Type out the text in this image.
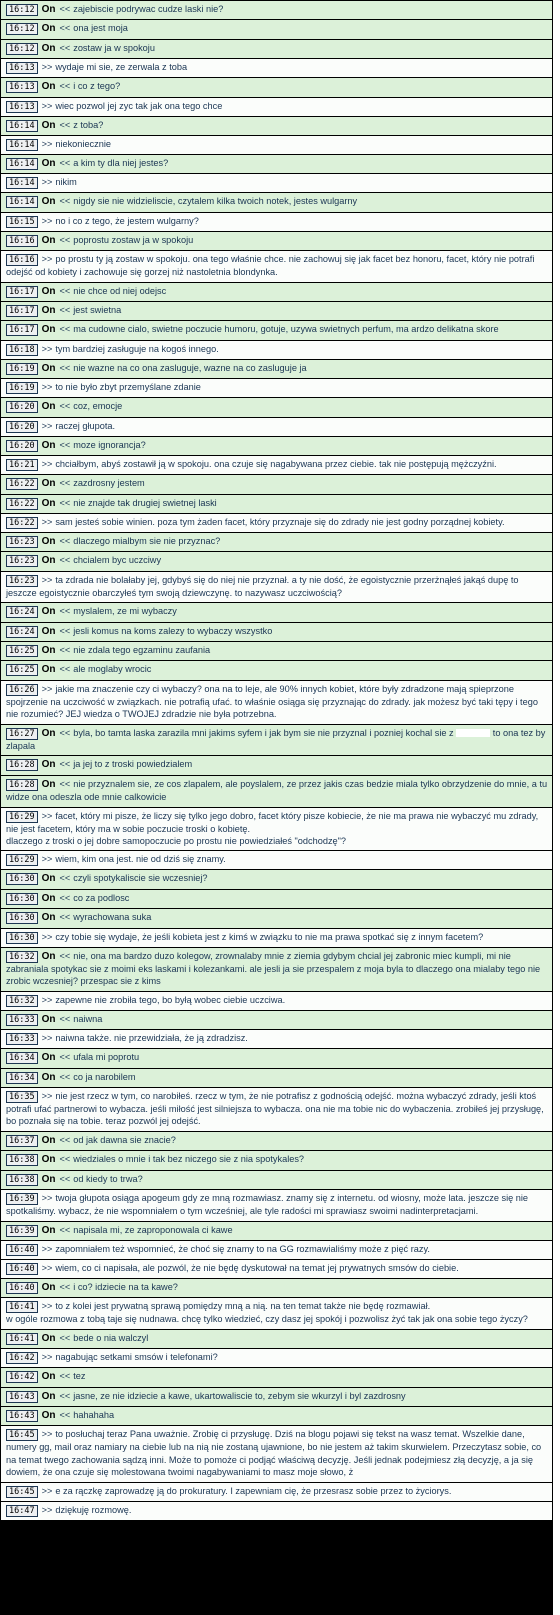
16:12 On << zajebiscie podrywac cudze laski nie?
16:12 On << ona jest moja
16:12 On << zostaw ja w spokoju
16:13 >> wydaje mi sie, ze zerwala z toba
16:13 On << i co z tego?
16:13 >> wiec pozwol jej zyc tak jak ona tego chce
16:14 On << z toba?
16:14 >> niekoniecznie
16:14 On << a kim ty dla niej jestes?
16:14 >> nikim
16:14 On << nigdy sie nie widzieliscie, czytalem kilka twoich notek, jestes wulgarny
16:15 >> no i co z tego, że jestem wulgarny?
16:16 On << poprostu zostaw ja w spokoju
16:16 >> po prostu ty ją zostaw w spokoju. ona tego właśnie chce. nie zachowuj się jak facet bez honoru, facet, który nie potrafi odejść od kobiety i zachowuje się gorzej niż nastoletnia blondynka.
16:17 On << nie chce od niej odejsc
16:17 On << jest swietna
16:17 On << ma cudowne cialo, swietne poczucie humoru, gotuje, uzywa swietnych perfum, ma ardzo delikatna skore
16:18 >> tym bardziej zasługuje na kogoś innego.
16:19 On << nie wazne na co ona zasluguje, wazne na co zasluguje ja
16:19 >> to nie było zbyt przemyślane zdanie
16:20 On << coz, emocje
16:20 >> raczej głupota.
16:20 On << moze ignorancja?
16:21 >> chciałbym, abyś zostawił ją w spokoju. ona czuje się nagabywana przez ciebie. tak nie postępują mężczyźni.
16:22 On << zazdrosny jestem
16:22 On << nie znajde tak drugiej swietnej laski
16:22 >> sam jesteś sobie winien. poza tym żaden facet, który przyznaje się do zdrady nie jest godny porządnej kobiety.
16:23 On << dlaczego mialbym sie nie przyznac?
16:23 On << chcialem byc uczciwy
16:23 >> ta zdrada nie bolałaby jej, gdybyś się do niej nie przyznał. a ty nie dość, że egoistycznie przerżnąłeś jakąś dupę to jeszcze egoistycznie obarczyłeś tym swoją dziewczynę. to nazywasz uczciwością?
16:24 On << myslalem, ze mi wybaczy
16:24 On << jesli komus na koms zalezy to wybaczy wszystko
16:25 On << nie zdala tego egzaminu zaufania
16:25 On << ale moglaby wrocic
16:26 >> jakie ma znaczenie czy ci wybaczy? ona na to leje, ale 90% innych kobiet, które były zdradzone mają spieprzone spojrzenie na uczciwość w związkach. nie potrafią ufać. to właśnie osiąga się przyznając do zdrady. jak możesz być taki tępy i tego nie rozumieć? JEJ wiedza o TWOJEJ zdradzie nie była potrzebna.
16:27 On << byla, bo tamta laska zarazila mni jakims syfem i jak bym sie nie przyznal i pozniej kochal sie z	to ona tez by zlapala
16:28 On << ja jej to z troski powiedzialem
16:28 On << nie przyznalem sie, ze cos zlapalem, ale poyslalem, ze przez jakis czas bedzie miala tylko obrzydzenie do mnie, a tu widze ona odeszla ode mnie calkowicie
16:29 >> facet, który mi pisze, że liczy się tylko jego dobro, facet który pisze kobiecie, że nie ma prawa nie wybaczyć mu zdrady, nie jest facetem, który ma w sobie poczucie troski o kobietę.
dlaczego z troski o jej dobre samopoczucie po prostu nie powiedziałeś "odchodzę"?
16:29 >> wiem, kim ona jest. nie od dziś się znamy.
16:30 On << czyli spotykaliscie sie wczesniej?
16:30 On << co za podlosc
16:30 On << wyrachowana suka
16:30 >> czy tobie się wydaje, że jeśli kobieta jest z kimś w związku to nie ma prawa spotkać się z innym facetem?
16:32 On << nie, ona ma bardzo duzo kolegow, zrownalaby mnie z ziemia gdybym chcial jej zabronic miec kumpli, mi nie zabraniala spotykac sie z moimi eks laskami i kolezankami. ale jesli ja sie przespalem z moja byla to dlaczego ona mialaby tego nie zrobic wczesniej? przespac sie z kims
16:32 >> zapewne nie zrobiła tego, bo byłą wobec ciebie uczciwa.
16:33 On << naiwna
16:33 >> naiwna także. nie przewidziała, że ją zdradzisz.
16:34 On << ufala mi poprotu
16:34 On << co ja narobilem
16:35 >> nie jest rzecz w tym, co narobiłeś. rzecz w tym, że nie potrafisz z godnością odejść. można wybaczyć zdrady, jeśli ktoś potrafi ufać partnerowi to wybacza. jeśli miłość jest silniejsza to wybacza. ona nie ma tobie nic do wybaczenia. zrobiłeś jej przysługę, bo poznała się na tobie. teraz pozwól jej odejść.
16:37 On << od jak dawna sie znacie?
16:38 On << wiedziales o mnie i tak bez niczego sie z nia spotykales?
16:38 On << od kiedy to trwa?
16:39 >> twoja głupota osiąga apogeum gdy ze mną rozmawiasz. znamy się z internetu. od wiosny, może lata. jeszcze się nie spotkaliśmy. wybacz, że nie wspomniałem o tym wcześniej, ale tyle radości mi sprawiasz swoimi nadinterpretacjami.
16:39 On << napisala mi, ze zaproponowala ci kawe
16:40 >> zapomniałem też wspomnieć, że choć się znamy to na GG rozmawialiśmy może z pięć razy.
16:40 >> wiem, co ci napisała, ale pozwól, że nie będę dyskutował na temat jej prywatnych smsów do ciebie.
16:40 On << i co? idziecie na ta kawe?
16:41 >> to z kolei jest prywatną sprawą pomiędzy mną a nią. na ten temat także nie będę rozmawiał.
w ogóle rozmowa z tobą taje się nudnawa. chcę tylko wiedzieć, czy dasz jej spokój i pozwolisz żyć tak jak ona sobie tego życzy?
16:41 On << bede o nia walczyl
16:42 >> nagabując setkami smsów i telefonami?
16:42 On << tez
16:43 On << jasne, ze nie idziecie a kawe, ukartowaliscie to, zebym sie wkurzyl i byl zazdrosny
16:43 On << hahahaha
16:45 >> to posłuchaj teraz Pana uważnie. Zrobię ci przysługę. Dziś na blogu pojawi się tekst na wasz temat. Wszelkie dane, numery gg, mail oraz namiary na ciebie lub na nią nie zostaną ujawnione, bo nie jestem aż takim skurwielem. Przeczytasz sobie, co na temat twego zachowania sądzą inni. Może to pomoże ci podjąć właściwą decyzję. Jeśli jednak podejmiesz złą decyzję, a ja się dowiem, że ona czuje się molestowana twoimi nagabywaniami to masz moje słowo, ż
16:45 >> e za rączkę zaprowadzę ją do prokuratury. I zapewniam cię, że przesrasz sobie przez to życiorys.
16:47 >> dziękuję rozmowę.
